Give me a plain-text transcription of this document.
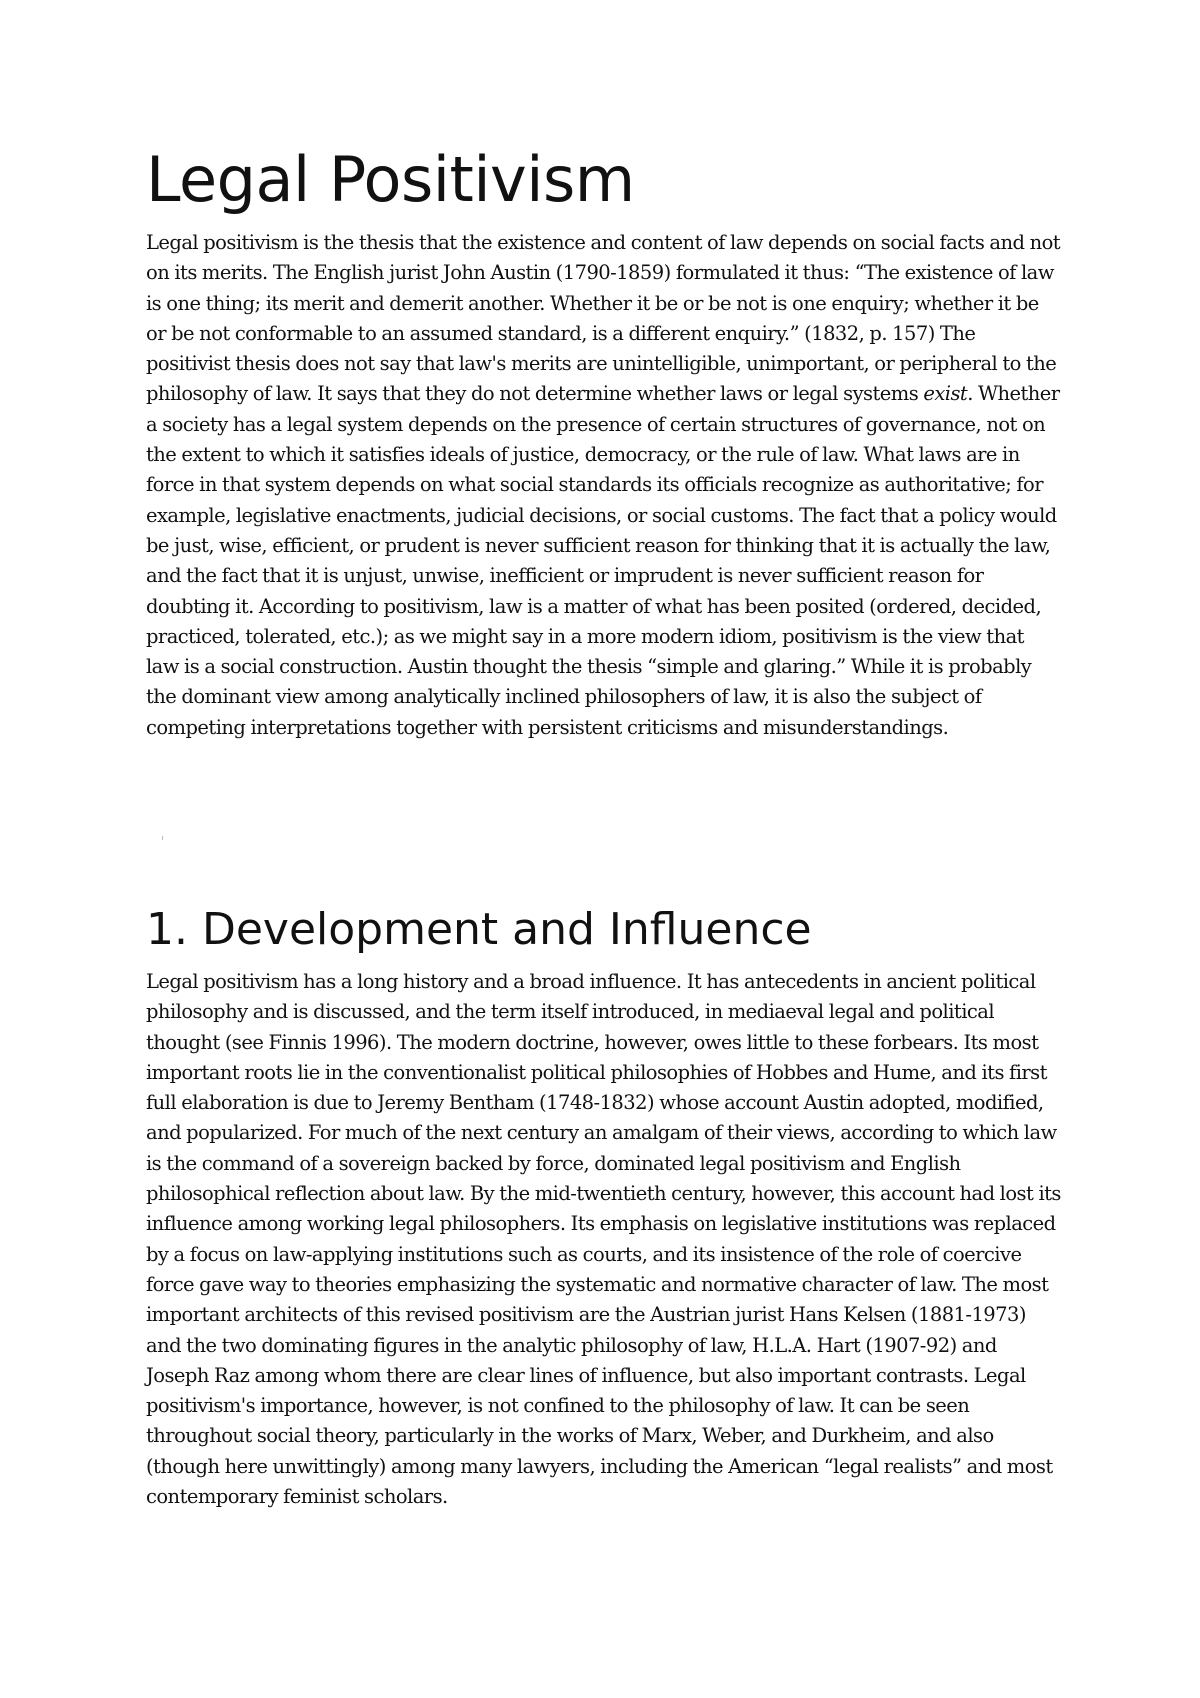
Legal Positivism

Legal positivism is the thesis that the existence and content of law depends on social facts and not on its merits. The English jurist John Austin (1790-1859) formulated it thus: “The existence of law is one thing; its merit and demerit another. Whether it be or be not is one enquiry; whether it be or be not conformable to an assumed standard, is a different enquiry.” (1832, p. 157) The positivist thesis does not say that law's merits are unintelligible, unimportant, or peripheral to the philosophy of law. It says that they do not determine whether laws or legal systems exist. Whether a society has a legal system depends on the presence of certain structures of governance, not on the extent to which it satisfies ideals of justice, democracy, or the rule of law. What laws are in force in that system depends on what social standards its officials recognize as authoritative; for example, legislative enactments, judicial decisions, or social customs. The fact that a policy would be just, wise, efficient, or prudent is never sufficient reason for thinking that it is actually the law, and the fact that it is unjust, unwise, inefficient or imprudent is never sufficient reason for doubting it. According to positivism, law is a matter of what has been posited (ordered, decided, practiced, tolerated, etc.); as we might say in a more modern idiom, positivism is the view that law is a social construction. Austin thought the thesis “simple and glaring.” While it is probably the dominant view among analytically inclined philosophers of law, it is also the subject of competing interpretations together with persistent criticisms and misunderstandings.

1. Development and Influence

Legal positivism has a long history and a broad influence. It has antecedents in ancient political philosophy and is discussed, and the term itself introduced, in mediaeval legal and political thought (see Finnis 1996). The modern doctrine, however, owes little to these forbears. Its most important roots lie in the conventionalist political philosophies of Hobbes and Hume, and its first full elaboration is due to Jeremy Bentham (1748-1832) whose account Austin adopted, modified, and popularized. For much of the next century an amalgam of their views, according to which law is the command of a sovereign backed by force, dominated legal positivism and English philosophical reflection about law. By the mid-twentieth century, however, this account had lost its influence among working legal philosophers. Its emphasis on legislative institutions was replaced by a focus on law-applying institutions such as courts, and its insistence of the role of coercive force gave way to theories emphasizing the systematic and normative character of law. The most important architects of this revised positivism are the Austrian jurist Hans Kelsen (1881-1973) and the two dominating figures in the analytic philosophy of law, H.L.A. Hart (1907-92) and Joseph Raz among whom there are clear lines of influence, but also important contrasts. Legal positivism's importance, however, is not confined to the philosophy of law. It can be seen throughout social theory, particularly in the works of Marx, Weber, and Durkheim, and also (though here unwittingly) among many lawyers, including the American “legal realists” and most contemporary feminist scholars.
